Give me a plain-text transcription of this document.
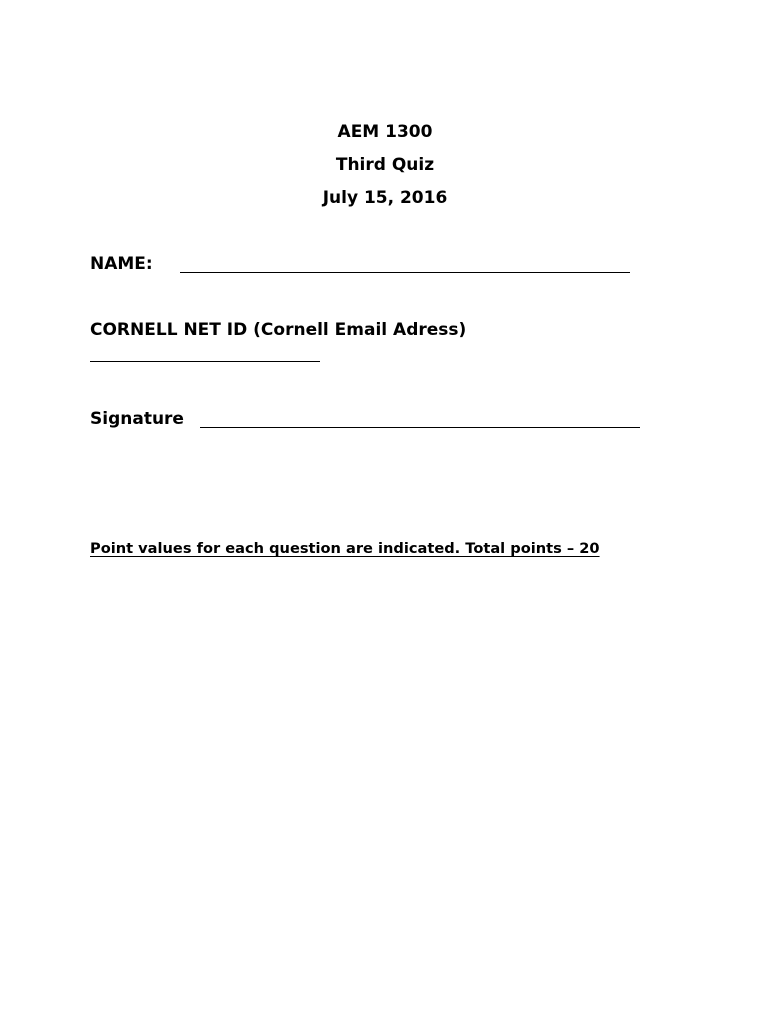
AEM 1300
Third Quiz
July 15, 2016
NAME:
CORNELL NET ID (Cornell Email Adress)
Signature
Point values for each question are indicated. Total points – 20
